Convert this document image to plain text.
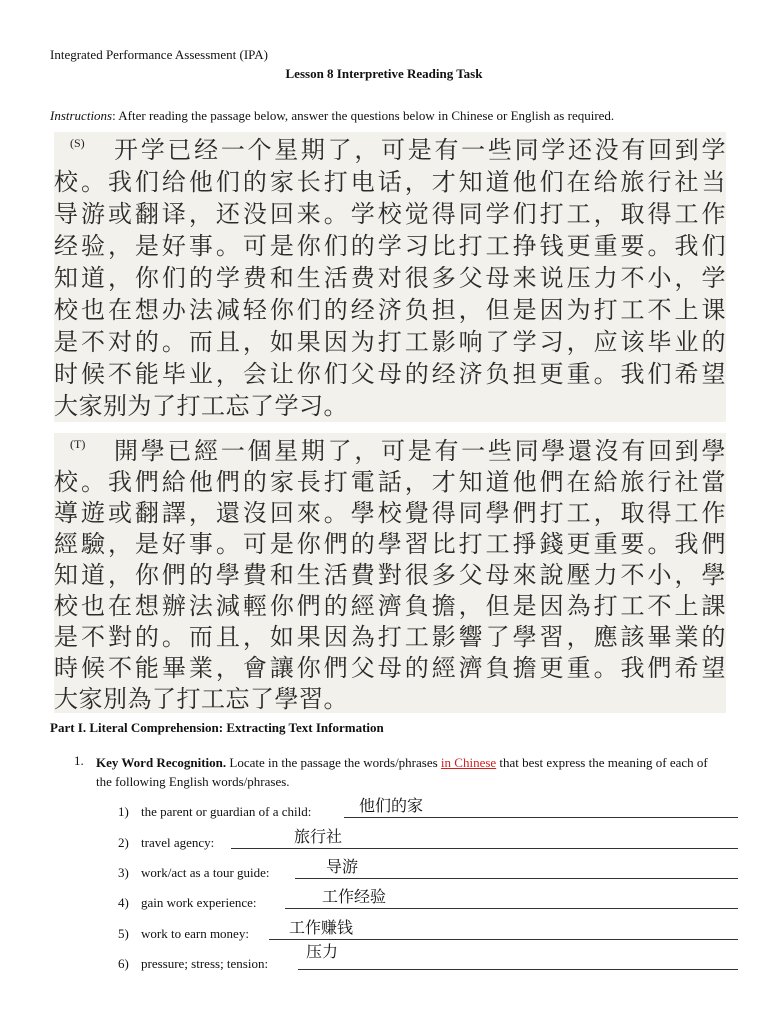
Integrated Performance Assessment (IPA)
Lesson 8 Interpretive Reading Task
Instructions: After reading the passage below, answer the questions below in Chinese or English as required.
(S)	开学已经一个星期了，可是有一些同学还没有回到学
校。我们给他们的家长打电话，才知道他们在给旅行社当
导游或翻译，还没回来。学校觉得同学们打工，取得工作
经验，是好事。可是你们的学习比打工挣钱更重要。我们
知道，你们的学费和生活费对很多父母来说压力不小，学
校也在想办法减轻你们的经济负担，但是因为打工不上课
是不对的。而且，如果因为打工影响了学习，应该毕业的
时候不能毕业，会让你们父母的经济负担更重。我们希望
大家别为了打工忘了学习。
(T)	開學已經一個星期了，可是有一些同學還沒有回到學
校。我們給他們的家長打電話，才知道他們在給旅行社當
導遊或翻譯，還沒回來。學校覺得同學們打工，取得工作
經驗，是好事。可是你們的學習比打工掙錢更重要。我們
知道，你們的學費和生活費對很多父母來說壓力不小，學
校也在想辦法減輕你們的經濟負擔，但是因為打工不上課
是不對的。而且，如果因為打工影響了學習，應該畢業的
時候不能畢業，會讓你們父母的經濟負擔更重。我們希望
大家別為了打工忘了學習。
Part I. Literal Comprehension: Extracting Text Information
1. Key Word Recognition. Locate in the passage the words/phrases in Chinese that best express the meaning of each of the following English words/phrases.
1) the parent or guardian of a child:	他们的家
2) travel agency:	旅行社
3) work/act as a tour guide:	导游
4) gain work experience:	工作经验
5) work to earn money:	工作赚钱
6) pressure; stress; tension:
压力
